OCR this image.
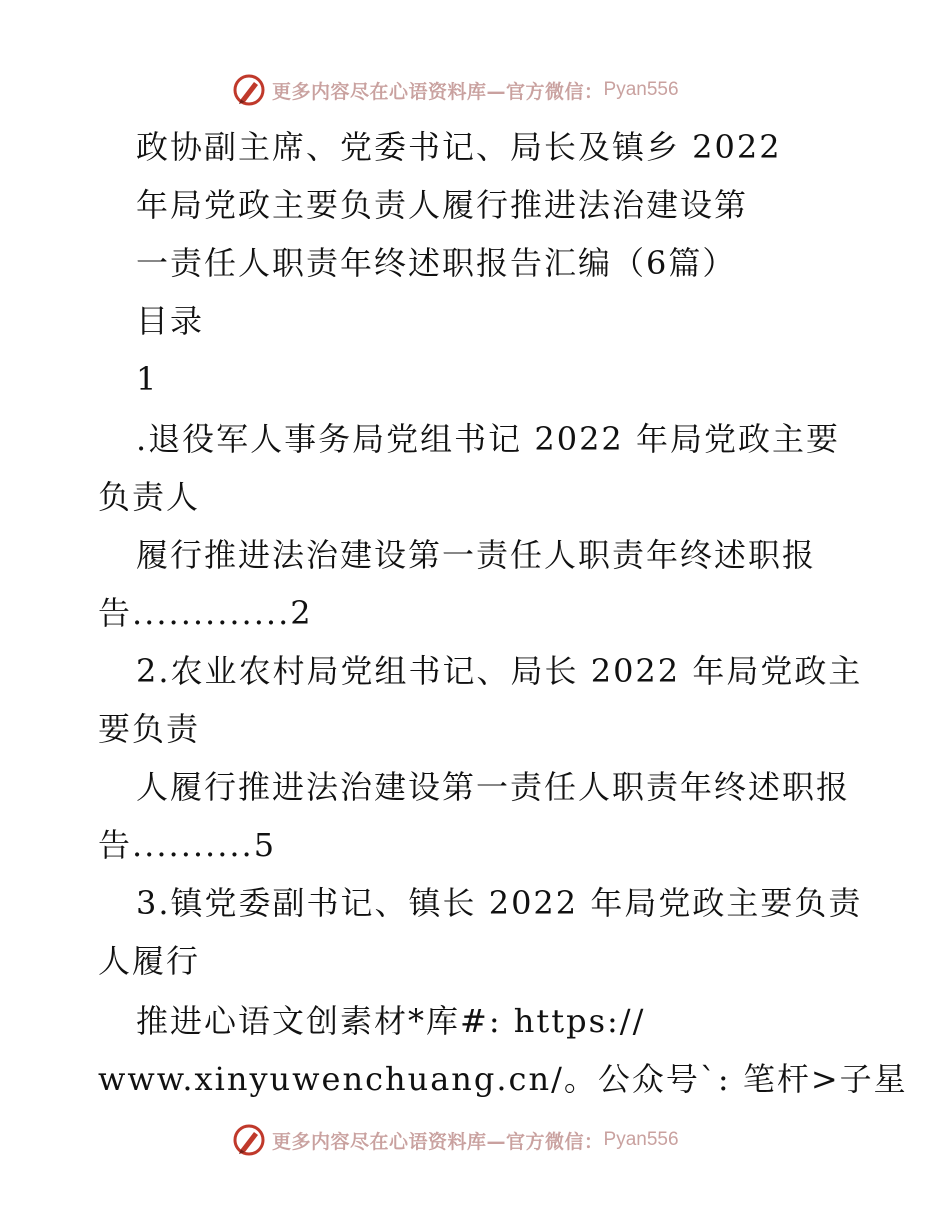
更多内容尽在心语资料库—官方微信： Pyan556
政协副主席、党委书记、局长及镇乡 2022
年局党政主要负责人履行推进法治建设第
一责任人职责年终述职报告汇编（6篇）
目录
1
.退役军人事务局党组书记 2022 年局党政主要
负责人
履行推进法治建设第一责任人职责年终述职报
告.............2
2.农业农村局党组书记、局长 2022 年局党政主
要负责
人履行推进法治建设第一责任人职责年终述职报
告..........5
3.镇党委副书记、镇长 2022 年局党政主要负责
人履行
推进心语文创素材*库#: https://
www.xinyuwenchuang.cn/。公众号`: 笔杆>子星
更多内容尽在心语资料库—官方微信： Pyan556
